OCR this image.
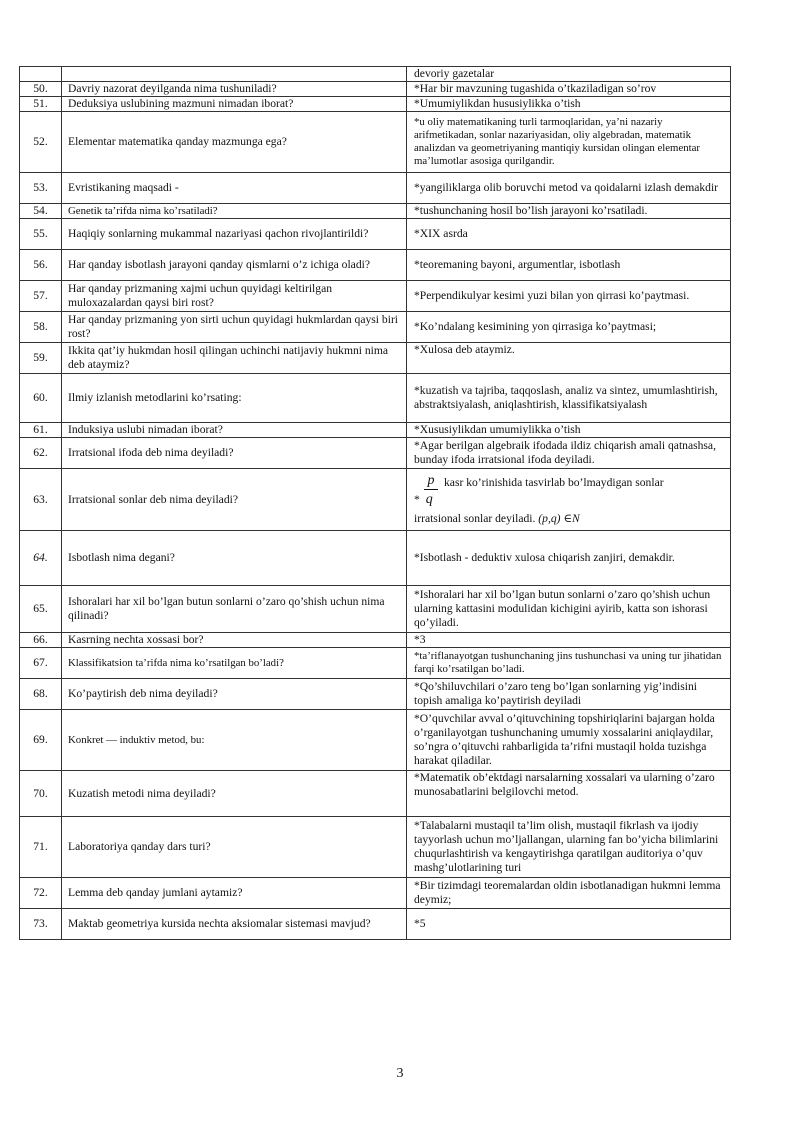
		devoriy gazetalar
50.	Davriy nazorat deyilganda nima tushuniladi?	*Har bir mavzuning tugashida o’tkaziladigan so’rov
51.	Deduksiya uslubining mazmuni nimadan iborat?	*Umumiylikdan hususiylikka o’tish
52.	Elementar matematika qanday mazmunga ega?	*u oliy matematikaning turli tarmoqlaridan, ya’ni nazariy arifmetikadan, sonlar nazariyasidan, oliy algebradan, matematik analizdan va geometriyaning mantiqiy kursidan olingan elementar ma’lumotlar asosiga qurilgandir.
53.	Evristikaning maqsadi -	*yangiliklarga olib boruvchi metod va qoidalarni izlash demakdir
54.	Genetik ta’rifda nima ko’rsatiladi?	*tushunchaning hosil bo’lish jarayoni ko’rsatiladi.
55.	Haqiqiy sonlarning mukammal nazariyasi qachon rivojlantirildi?	*XIX asrda
56.	Har qanday isbotlash jarayoni qanday qismlarni o’z ichiga oladi?	*teoremaning bayoni, argumentlar, isbotlash
57.	Har qanday prizmaning xajmi uchun quyidagi keltirilgan muloxazalardan qaysi biri rost?	*Perpendikulyar kesimi yuzi bilan yon qirrasi ko’paytmasi.
58.	Har qanday prizmaning yon sirti uchun quyidagi hukmlardan qaysi biri rost?	*Ko’ndalang kesimining yon qirrasiga ko’paytmasi;
59.	Ikkita qat’iy hukmdan hosil qilingan uchinchi natijaviy hukmni nima deb ataymiz?	*Xulosa deb ataymiz.
60.	Ilmiy izlanish metodlarini ko’rsating:	*kuzatish va tajriba, taqqoslash, analiz va sintez, umumlashtirish, abstraktsiyalash, aniqlashtirish, klassifikatsiyalash
61.	Induksiya uslubi nimadan iborat?	*Xususiylikdan umumiylikka o’tish
62.	Irratsional ifoda deb nima deyiladi?	*Agar berilgan algebraik ifodada ildiz chiqarish amali qatnashsa, bunday ifoda irratsional ifoda deyiladi.
63.	Irratsional sonlar deb nima deyiladi?	p kasr ko’rinishida tasvirlab bo’lmaydigan sonlar
* q
irratsional sonlar deyiladi. (p,q) ∈N

64.	Isbotlash nima degani?	*Isbotlash - deduktiv xulosa chiqarish zanjiri, demakdir.
65.	Ishoralari har xil bo’lgan butun sonlarni o’zaro qo’shish uchun nima qilinadi?	*Ishoralari har xil bo’lgan butun sonlarni o’zaro qo’shish uchun ularning kattasini modulidan kichigini ayirib, katta son ishorasi qo’yiladi.
66.	Kasrning nechta xossasi bor?	*3
67.	Klassifikatsion ta’rifda nima ko’rsatilgan bo’ladi?	*ta’riflanayotgan tushunchaning jins tushunchasi va uning tur jihatidan farqi ko’rsatilgan bo’ladi.
68.	Ko’paytirish deb nima deyiladi?	*Qo’shiluvchilari o’zaro teng bo’lgan sonlarning yig’indisini topish amaliga ko’paytirish deyiladi
69.	Konkret — induktiv metod, bu:	*O’quvchilar avval o’qituvchining topshiriqlarini bajargan holda o’rganilayotgan tushunchaning umumiy xossalarini aniqlaydilar, so’ngra o’qituvchi rahbarligida ta’rifni mustaqil holda tuzishga harakat qiladilar.
70.	Kuzatish metodi nima deyiladi?	*Matematik ob’ektdagi narsalarning xossalari va ularning o’zaro munosabatlarini belgilovchi metod.
71.	Laboratoriya qanday dars turi?	*Talabalarni mustaqil ta’lim olish, mustaqil fikrlash va ijodiy tayyorlash uchun mo’ljallangan, ularning fan bo’yicha bilimlarini chuqurlashtirish va kengaytirishga qaratilgan auditoriya o’quv mashg’ulotlarining turi
72.	Lemma deb qanday jumlani aytamiz?	*Bir tizimdagi teoremalardan oldin isbotlanadigan hukmni lemma deymiz;
73.	Maktab geometriya kursida nechta aksiomalar sistemasi mavjud?	*5
3
